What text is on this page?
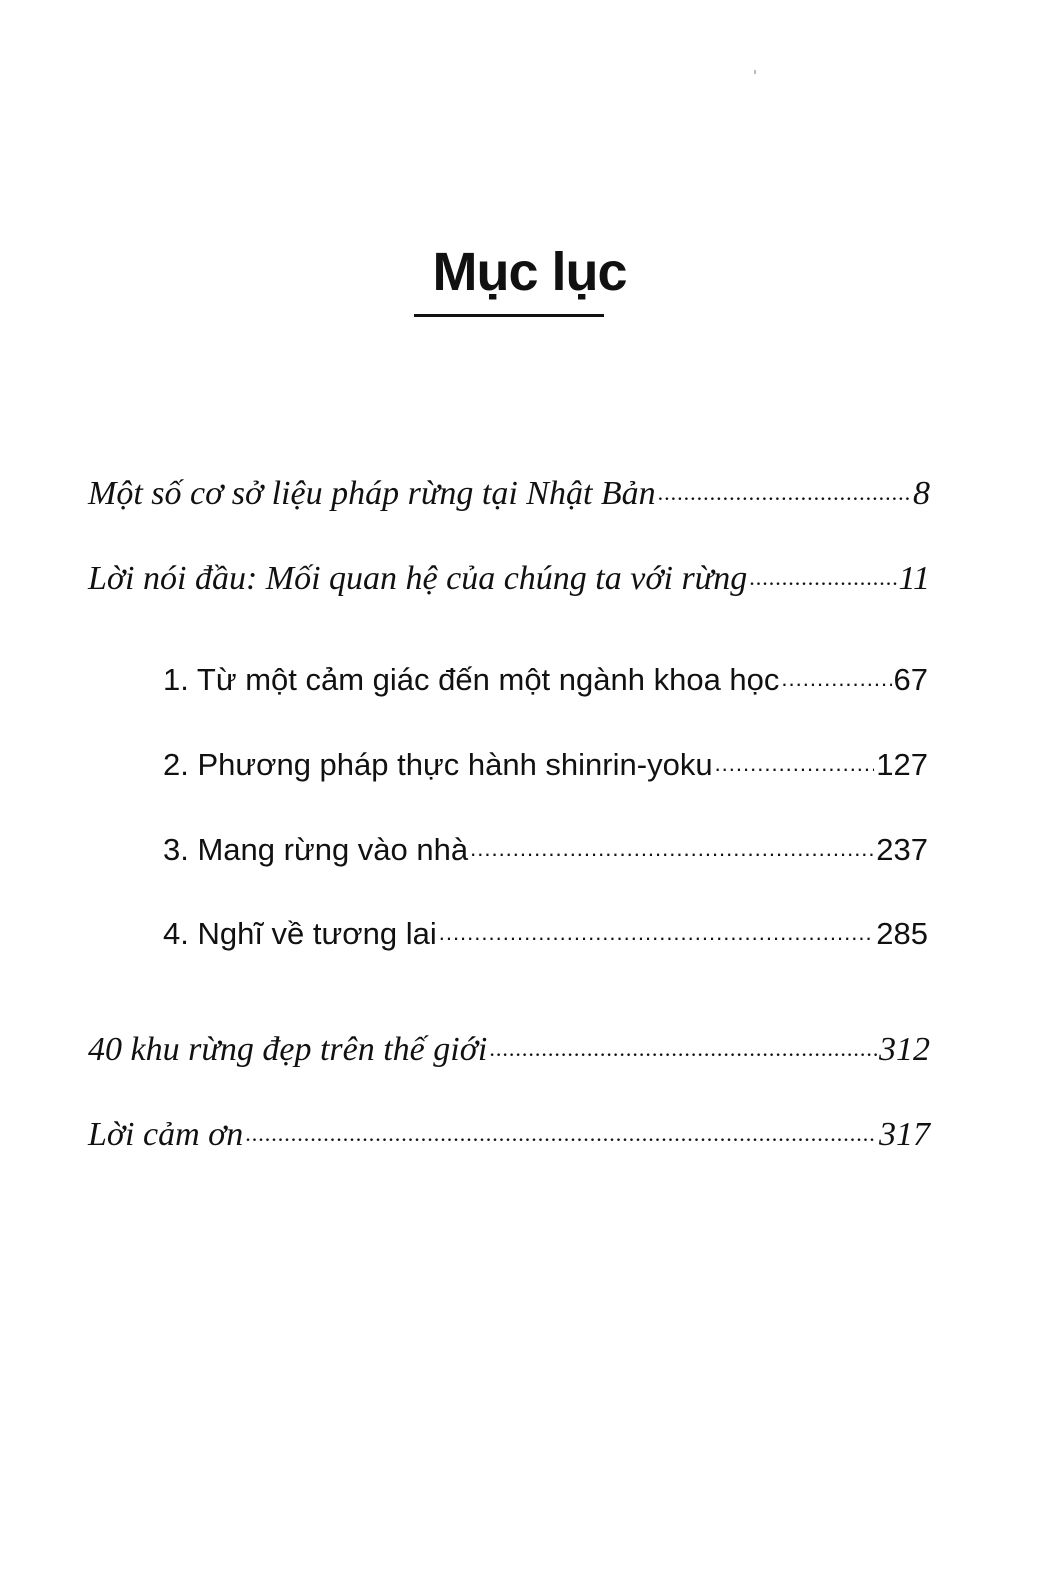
Mục lục
Một số cơ sở liệu pháp rừng tại Nhật Bản .....	8
Lời nói đầu: Mối quan hệ của chúng ta với rừng .....	11
1. Từ một cảm giác đến một ngành khoa học .....	67
2. Phương pháp thực hành shinrin-yoku .....	127
3. Mang rừng vào nhà .....	237
4. Nghĩ về tương lai .....	285
40 khu rừng đẹp trên thế giới .....	312
Lời cảm ơn .....	317
